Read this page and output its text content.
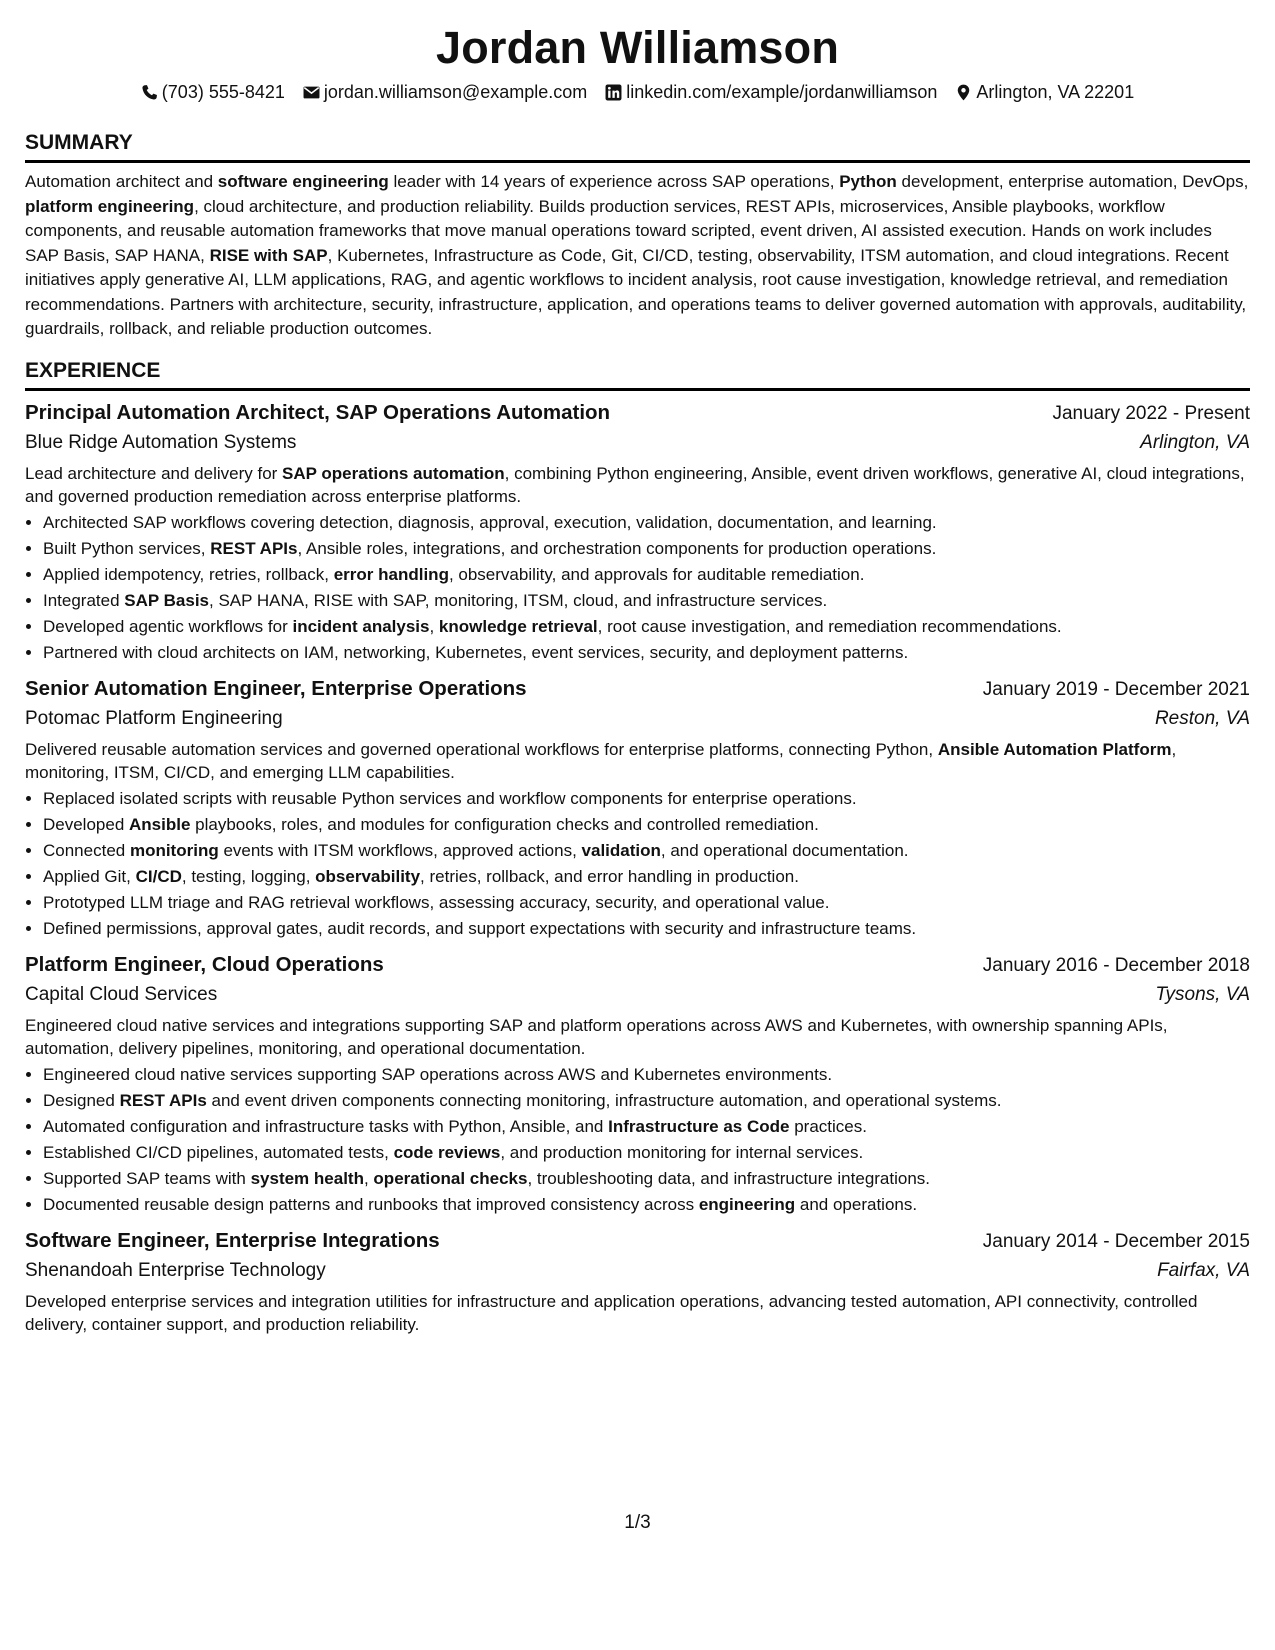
Jordan Williamson
(703) 555-8421 jordan.williamson@example.com linkedin.com/example/jordanwilliamson Arlington, VA 22201
SUMMARY

Automation architect and software engineering leader with 14 years of experience across SAP operations, Python development, enterprise automation, DevOps, platform engineering, cloud architecture, and production reliability. Builds production services, REST APIs, microservices, Ansible playbooks, workflow components, and reusable automation frameworks that move manual operations toward scripted, event driven, AI assisted execution. Hands on work includes SAP Basis, SAP HANA, RISE with SAP, Kubernetes, Infrastructure as Code, Git, CI/CD, testing, observability, ITSM automation, and cloud integrations. Recent initiatives apply generative AI, LLM applications, RAG, and agentic workflows to incident analysis, root cause investigation, knowledge retrieval, and remediation recommendations. Partners with architecture, security, infrastructure, application, and operations teams to deliver governed automation with approvals, auditability, guardrails, rollback, and reliable production outcomes.

EXPERIENCE
Principal Automation Architect, SAP Operations Automation	January 2022 - Present
Blue Ridge Automation Systems	Arlington, VA

Lead architecture and delivery for SAP operations automation, combining Python engineering, Ansible, event driven workflows, generative AI, cloud integrations, and governed production remediation across enterprise platforms.

• Architected SAP workflows covering detection, diagnosis, approval, execution, validation, documentation, and learning.
• Built Python services, REST APIs, Ansible roles, integrations, and orchestration components for production operations.
• Applied idempotency, retries, rollback, error handling, observability, and approvals for auditable remediation.
• Integrated SAP Basis, SAP HANA, RISE with SAP, monitoring, ITSM, cloud, and infrastructure services.
• Developed agentic workflows for incident analysis, knowledge retrieval, root cause investigation, and remediation recommendations.
• Partnered with cloud architects on IAM, networking, Kubernetes, event services, security, and deployment patterns.
Senior Automation Engineer, Enterprise Operations	January 2019 - December 2021
Potomac Platform Engineering	Reston, VA

Delivered reusable automation services and governed operational workflows for enterprise platforms, connecting Python, Ansible Automation Platform, monitoring, ITSM, CI/CD, and emerging LLM capabilities.

• Replaced isolated scripts with reusable Python services and workflow components for enterprise operations.
• Developed Ansible playbooks, roles, and modules for configuration checks and controlled remediation.
• Connected monitoring events with ITSM workflows, approved actions, validation, and operational documentation.
• Applied Git, CI/CD, testing, logging, observability, retries, rollback, and error handling in production.
• Prototyped LLM triage and RAG retrieval workflows, assessing accuracy, security, and operational value.
• Defined permissions, approval gates, audit records, and support expectations with security and infrastructure teams.
Platform Engineer, Cloud Operations	January 2016 - December 2018
Capital Cloud Services	Tysons, VA

Engineered cloud native services and integrations supporting SAP and platform operations across AWS and Kubernetes, with ownership spanning APIs, automation, delivery pipelines, monitoring, and operational documentation.

• Engineered cloud native services supporting SAP operations across AWS and Kubernetes environments.
• Designed REST APIs and event driven components connecting monitoring, infrastructure automation, and operational systems.
• Automated configuration and infrastructure tasks with Python, Ansible, and Infrastructure as Code practices.
• Established CI/CD pipelines, automated tests, code reviews, and production monitoring for internal services.
• Supported SAP teams with system health, operational checks, troubleshooting data, and infrastructure integrations.
• Documented reusable design patterns and runbooks that improved consistency across engineering and operations.
Software Engineer, Enterprise Integrations	January 2014 - December 2015
Shenandoah Enterprise Technology	Fairfax, VA

Developed enterprise services and integration utilities for infrastructure and application operations, advancing tested automation, API connectivity, controlled delivery, container support, and production reliability.

1/3
